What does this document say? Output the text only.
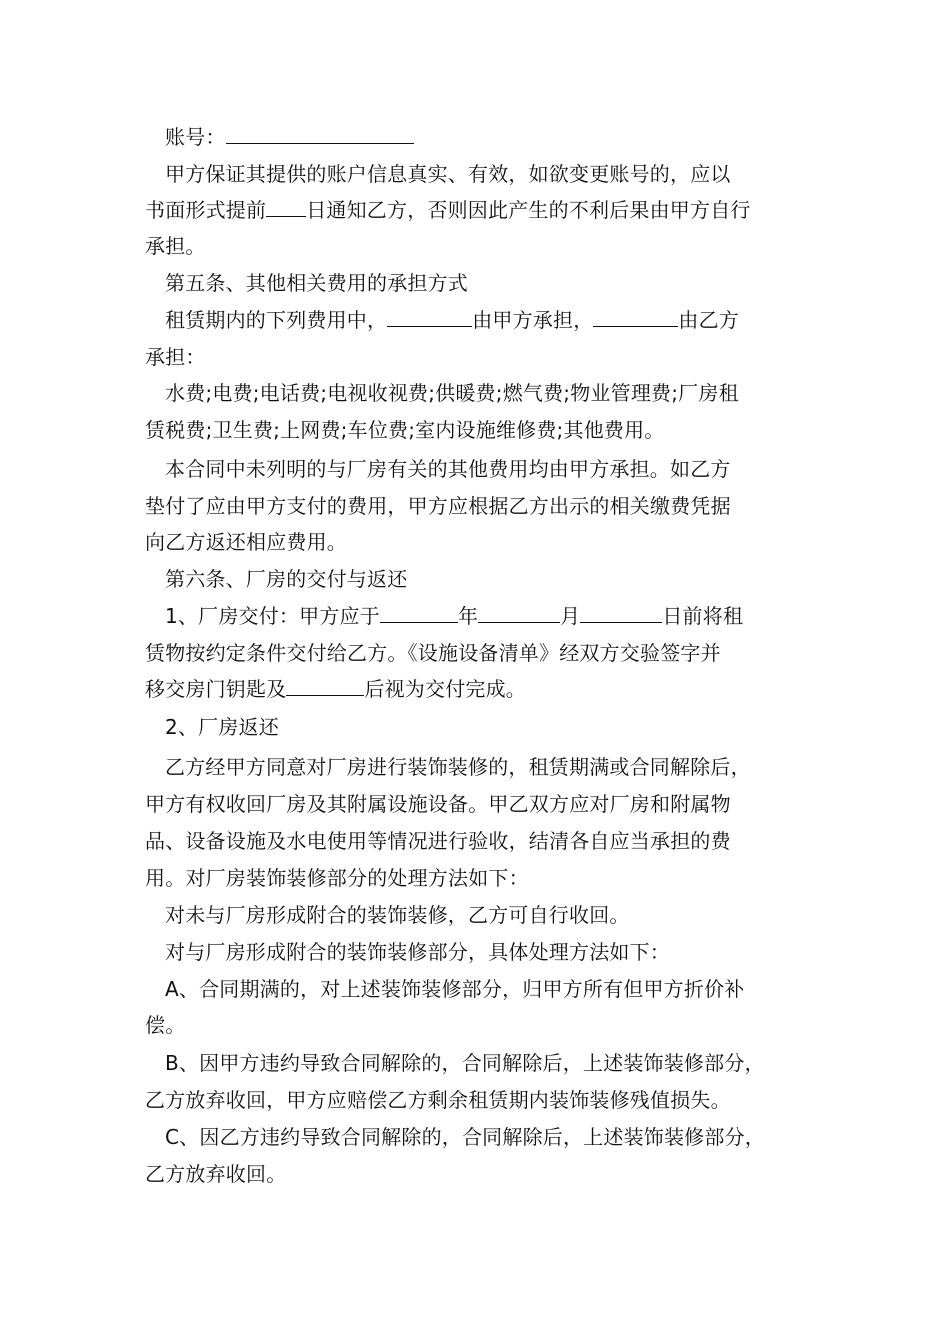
账号：
甲方保证其提供的账户信息真实、有效，如欲变更账号的，应以
书面形式提前 日通知乙方，否则因此产生的不利后果由甲方自行
承担。
第五条、其他相关费用的承担方式
租赁期内的下列费用中，	由甲方承担，	由乙方
承担：
水费;电费;电话费;电视收视费;供暖费;燃气费;物业管理费;厂房租
赁税费;卫生费;上网费;车位费;室内设施维修费;其他费用。
本合同中未列明的与厂房有关的其他费用均由甲方承担。如乙方
垫付了应由甲方支付的费用，甲方应根据乙方出示的相关缴费凭据
向乙方返还相应费用。
第六条、厂房的交付与返还
1、厂房交付：甲方应于	年	月	日前将租
赁物按约定条件交付给乙方。《设施设备清单》经双方交验签字并
移交房门钥匙及	后视为交付完成。
2、厂房返还
乙方经甲方同意对厂房进行装饰装修的，租赁期满或合同解除后，
甲方有权收回厂房及其附属设施设备。甲乙双方应对厂房和附属物
品、设备设施及水电使用等情况进行验收，结清各自应当承担的费
用。对厂房装饰装修部分的处理方法如下：
对未与厂房形成附合的装饰装修，乙方可自行收回。
对与厂房形成附合的装饰装修部分，具体处理方法如下：
A、合同期满的，对上述装饰装修部分，归甲方所有但甲方折价补
偿。
B、因甲方违约导致合同解除的，合同解除后，上述装饰装修部分，
乙方放弃收回，甲方应赔偿乙方剩余租赁期内装饰装修残值损失。
C、因乙方违约导致合同解除的，合同解除后，上述装饰装修部分，
乙方放弃收回。
